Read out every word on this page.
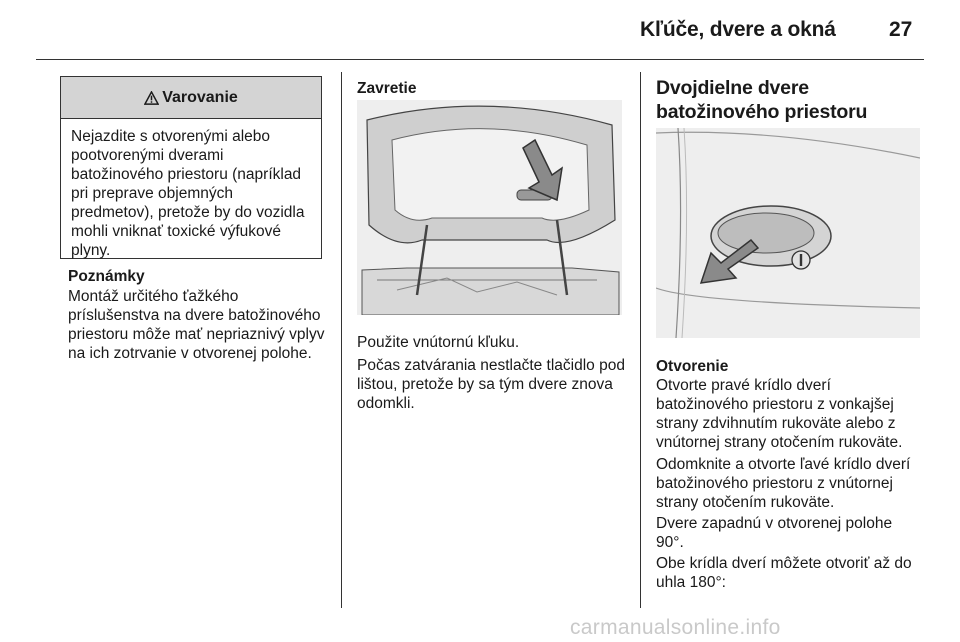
Kľúče, dvere a okná	27
Varovanie
Nejazdite s otvorenými alebo pootvorenými dverami batožinového priestoru (napríklad pri preprave objemných predmetov), pretože by do vozidla mohli vniknať toxické výfukové plyny.
Poznámky
Montáž určitého ťažkého príslušenstva na dvere batožinového priestoru môže mať nepriaznivý vplyv na ich zotrvanie v otvorenej polohe.
Zavretie
Použite vnútornú kľuku.
Počas zatvárania nestlačte tlačidlo pod lištou, pretože by sa tým dvere znova odomkli.
Dvojdielne dvere batožinového priestoru
Otvorenie
Otvorte pravé krídlo dverí batožinového priestoru z vonkajšej strany zdvihnutím rukoväte alebo z vnútornej strany otočením rukoväte.
Odomknite a otvorte ľavé krídlo dverí batožinového priestoru z vnútornej strany otočením rukoväte.
Dvere zapadnú v otvorenej polohe 90°.
Obe krídla dverí môžete otvoriť až do uhla 180°:
carmanualsonline.info
